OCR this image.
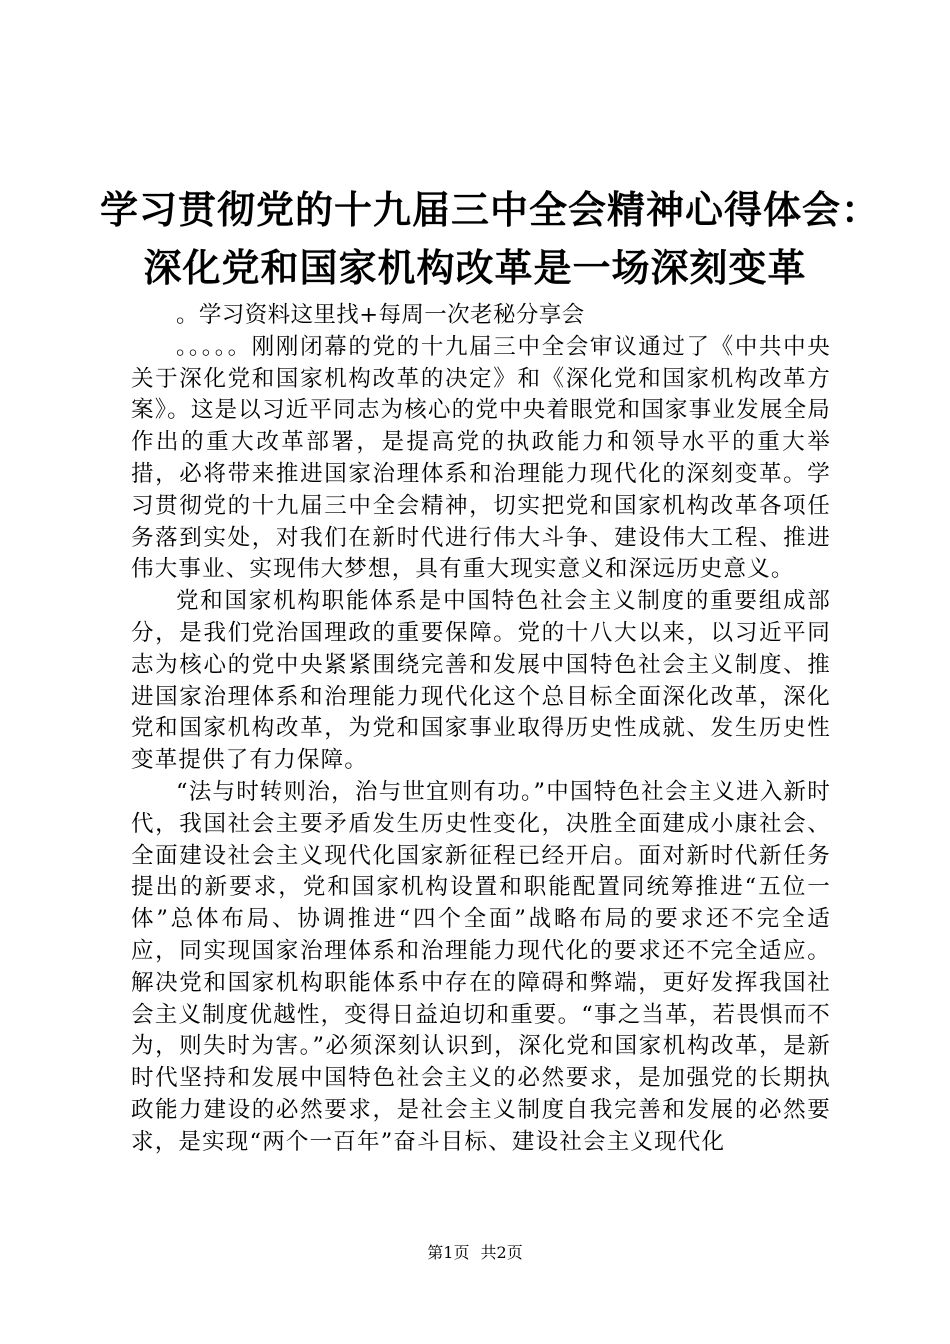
学习贯彻党的十九届三中全会精神心得体会：
深化党和国家机构改革是一场深刻变革

。学习资料这里找+每周一次老秘分享会

。。。。。刚刚闭幕的党的十九届三中全会审议通过了《中共中央关于深化党和国家机构改革的决定》和《深化党和国家机构改革方案》。这是以习近平同志为核心的党中央着眼党和国家事业发展全局作出的重大改革部署，是提高党的执政能力和领导水平的重大举措，必将带来推进国家治理体系和治理能力现代化的深刻变革。学习贯彻党的十九届三中全会精神，切实把党和国家机构改革各项任务落到实处，对我们在新时代进行伟大斗争、建设伟大工程、推进伟大事业、实现伟大梦想，具有重大现实意义和深远历史意义。

党和国家机构职能体系是中国特色社会主义制度的重要组成部分，是我们党治国理政的重要保障。党的十八大以来，以习近平同志为核心的党中央紧紧围绕完善和发展中国特色社会主义制度、推进国家治理体系和治理能力现代化这个总目标全面深化改革，深化党和国家机构改革，为党和国家事业取得历史性成就、发生历史性变革提供了有力保障。

“法与时转则治，治与世宜则有功。”中国特色社会主义进入新时代，我国社会主要矛盾发生历史性变化，决胜全面建成小康社会、全面建设社会主义现代化国家新征程已经开启。面对新时代新任务提出的新要求，党和国家机构设置和职能配置同统筹推进“五位一体”总体布局、协调推进“四个全面”战略布局的要求还不完全适应，同实现国家治理体系和治理能力现代化的要求还不完全适应。解决党和国家机构职能体系中存在的障碍和弊端，更好发挥我国社会主义制度优越性，变得日益迫切和重要。“事之当革，若畏惧而不为，则失时为害。”必须深刻认识到，深化党和国家机构改革，是新时代坚持和发展中国特色社会主义的必然要求，是加强党的长期执政能力建设的必然要求，是社会主义制度自我完善和发展的必然要求，是实现“两个一百年”奋斗目标、建设社会主义现代化

第1页 共2页
